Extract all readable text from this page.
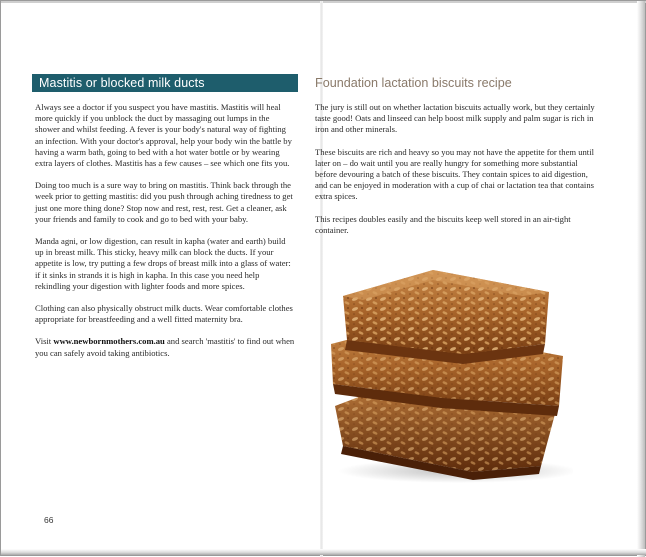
Mastitis or blocked milk ducts

Always see a doctor if you suspect you have mastitis. Mastitis will heal more quickly if you unblock the duct by massaging out lumps in the shower and whilst feeding. A fever is your body's natural way of fighting an infection. With your doctor's approval, help your body win the battle by having a warm bath, going to bed with a hot water bottle or by wearing extra layers of clothes. Mastitis has a few causes – see which one fits you.

Doing too much is a sure way to bring on mastitis. Think back through the week prior to getting mastitis: did you push through aching tiredness to get just one more thing done? Stop now and rest, rest, rest. Get a cleaner, ask your friends and family to cook and go to bed with your baby.

Manda agni, or low digestion, can result in kapha (water and earth) build up in breast milk. This sticky, heavy milk can block the ducts. If your appetite is low, try putting a few drops of breast milk into a glass of water: if it sinks in strands it is high in kapha. In this case you need help rekindling your digestion with lighter foods and more spices.

Clothing can also physically obstruct milk ducts. Wear comfortable clothes appropriate for breastfeeding and a well fitted maternity bra.

Visit www.newbornmothers.com.au and search 'mastitis' to find out when you can safely avoid taking antibiotics.

Foundation lactation biscuits recipe

The jury is still out on whether lactation biscuits actually work, but they certainly taste good! Oats and linseed can help boost milk supply and palm sugar is rich in iron and other minerals.

These biscuits are rich and heavy so you may not have the appetite for them until later on – do wait until you are really hungry for something more substantial before devouring a batch of these biscuits. They contain spices to aid digestion, and can be enjoyed in moderation with a cup of chai or lactation tea that contains extra spices.

This recipes doubles easily and the biscuits keep well stored in an air-tight container.

66
